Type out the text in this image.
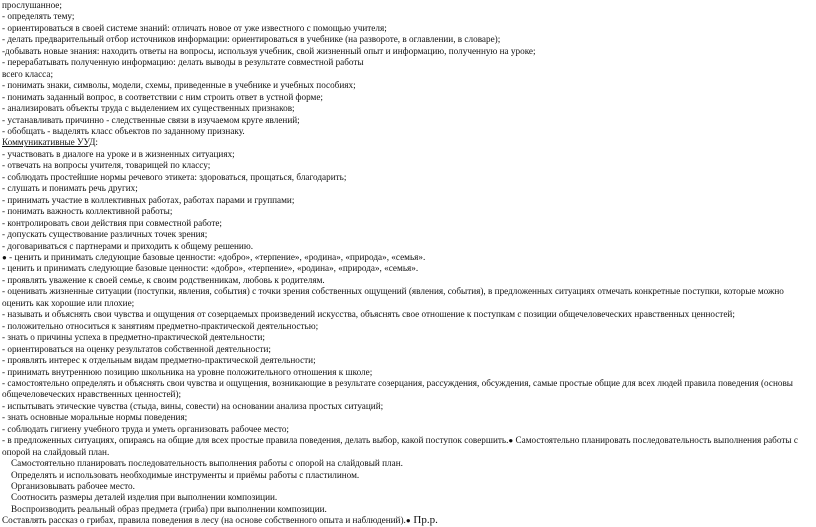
прослушанное;
- определять тему;
- ориентироваться в своей системе знаний: отличать новое от уже известного с помощью учителя;
- делать предварительный отбор источников информации: ориентироваться в учебнике (на развороте, в оглавлении, в словаре);
-добывать новые знания: находить ответы на вопросы, используя учебник, свой жизненный опыт и информацию, полученную на уроке;
- перерабатывать полученную информацию: делать выводы в результате совместной работы
всего класса;
- понимать знаки, символы, модели, схемы, приведенные в учебнике и учебных пособиях;
- понимать заданный вопрос, в соответствии с ним строить ответ в устной форме;
- анализировать объекты труда с выделением их существенных признаков;
- устанавливать причинно - следственные связи в изучаемом круге явлений;
- обобщать - выделять класс объектов по заданному признаку.
Коммуникативные УУД:
- участвовать в диалоге на уроке и в жизненных ситуациях;
- отвечать на вопросы учителя, товарищей по классу;
- соблюдать простейшие нормы речевого этикета: здороваться, прощаться, благодарить;
- слушать и понимать речь других;
- принимать участие в коллективных работах, работах парами и группами;
- понимать важность коллективной работы;
- контролировать свои действия при совместной работе;
- допускать существование различных точек зрения;
- договариваться с партнерами и приходить к общему решению.
● - ценить и принимать следующие базовые ценности: «добро», «терпение», «родина», «природа», «семья».
- ценить и принимать следующие базовые ценности: «добро», «терпение», «родина», «природа», «семья».
- проявлять уважение к своей семье, к своим родственникам, любовь к родителям.
- оценивать жизненные ситуации (поступки, явления, события) с точки зрения собственных ощущений (явления, события), в предложенных ситуациях отмечать конкретные поступки, которые можно оценить как хорошие или плохие;
- называть и объяснять свои чувства и ощущения от созерцаемых произведений искусства, объяснять свое отношение к поступкам с позиции общечеловеческих нравственных ценностей;
- положительно относиться к занятиям предметно-практической деятельностью;
- знать о причины успеха в предметно-практической деятельности;
- ориентироваться на оценку результатов собственной деятельности;
- проявлять интерес к отдельным видам предметно-практической деятельности;
- принимать внутреннюю позицию школьника на уровне положительного отношения к школе;
- самостоятельно определять и объяснять свои чувства и ощущения, возникающие в результате созерцания, рассуждения, обсуждения, самые простые общие для всех людей правила поведения (основы общечеловеческих нравственных ценностей);
- испытывать этические чувства (стыда, вины, совести) на основании анализа простых ситуаций;
- знать основные моральные нормы поведения;
- соблюдать гигиену учебного труда и уметь организовать рабочее место;
- в предложенных ситуациях, опираясь на общие для всех простые правила поведения, делать выбор, какой поступок совершить.● Самостоятельно планировать последовательность выполнения работы с опорой на слайдовый план.
Самостоятельно планировать последовательность выполнения работы с опорой на слайдовый план.
Определять и использовать необходимые инструменты и приёмы работы с пластилином.
Организовывать рабочее место.
Соотносить размеры деталей изделия при выполнении композиции.
Воспроизводить реальный образ предмета (гриба) при выполнении композиции.
Составлять рассказ о грибах, правила поведения в лесу (на основе собственного опыта и наблюдений).● Пр.р.
